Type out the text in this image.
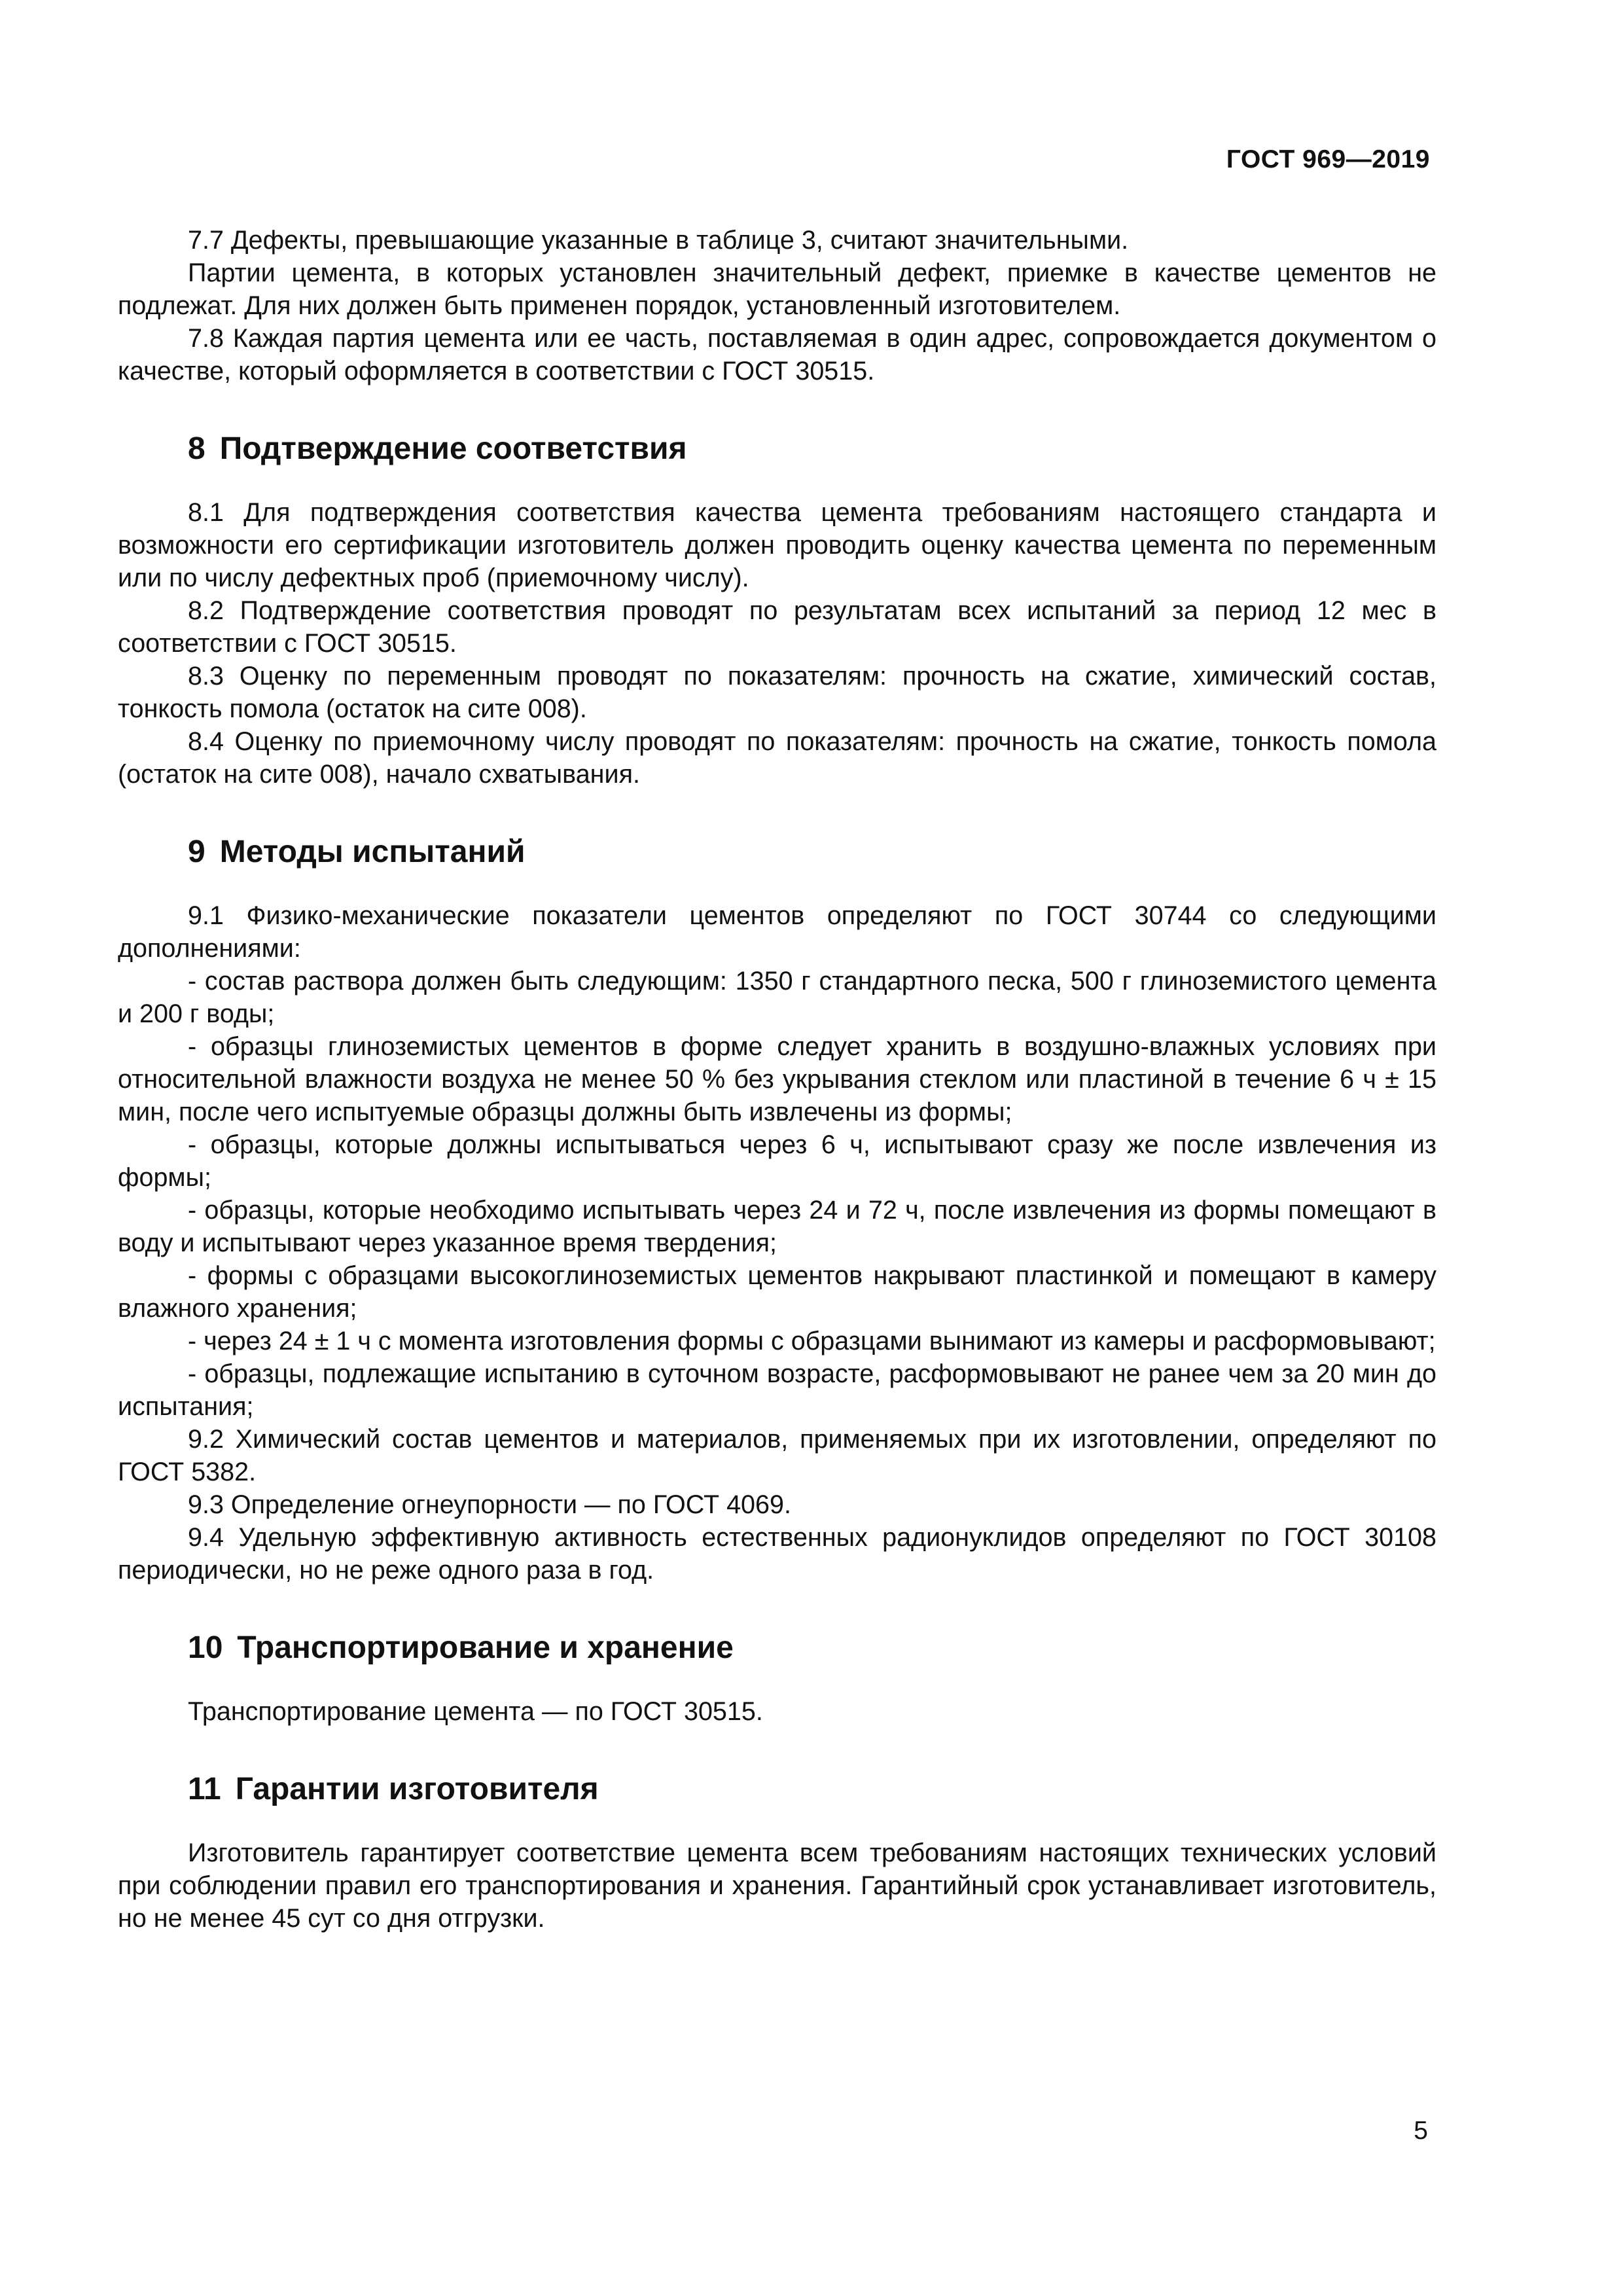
ГОСТ 969—2019

7.7 Дефекты, превышающие указанные в таблице 3, считают значительными.

Партии цемента, в которых установлен значительный дефект, приемке в качестве цементов не подлежат. Для них должен быть применен порядок, установленный изготовителем.

7.8 Каждая партия цемента или ее часть, поставляемая в один адрес, сопровождается документом о качестве, который оформляется в соответствии с ГОСТ 30515.

8 Подтверждение соответствия

8.1 Для подтверждения соответствия качества цемента требованиям настоящего стандарта и возможности его сертификации изготовитель должен проводить оценку качества цемента по переменным или по числу дефектных проб (приемочному числу).

8.2 Подтверждение соответствия проводят по результатам всех испытаний за период 12 мес в соответствии с ГОСТ 30515.

8.3 Оценку по переменным проводят по показателям: прочность на сжатие, химический состав, тонкость помола (остаток на сите 008).

8.4 Оценку по приемочному числу проводят по показателям: прочность на сжатие, тонкость помола (остаток на сите 008), начало схватывания.

9 Методы испытаний

9.1 Физико-механические показатели цементов определяют по ГОСТ 30744 со следующими дополнениями:

- состав раствора должен быть следующим: 1350 г стандартного песка, 500 г глиноземистого цемента и 200 г воды;

- образцы глиноземистых цементов в форме следует хранить в воздушно-влажных условиях при относительной влажности воздуха не менее 50 % без укрывания стеклом или пластиной в течение 6 ч ± 15 мин, после чего испытуемые образцы должны быть извлечены из формы;

- образцы, которые должны испытываться через 6 ч, испытывают сразу же после извлечения из формы;

- образцы, которые необходимо испытывать через 24 и 72 ч, после извлечения из формы помещают в воду и испытывают через указанное время твердения;

- формы с образцами высокоглиноземистых цементов накрывают пластинкой и помещают в камеру влажного хранения;

- через 24 ± 1 ч с момента изготовления формы с образцами вынимают из камеры и расформовывают;

- образцы, подлежащие испытанию в суточном возрасте, расформовывают не ранее чем за 20 мин до испытания;

9.2 Химический состав цементов и материалов, применяемых при их изготовлении, определяют по ГОСТ 5382.

9.3 Определение огнеупорности — по ГОСТ 4069.

9.4 Удельную эффективную активность естественных радионуклидов определяют по ГОСТ 30108 периодически, но не реже одного раза в год.

10 Транспортирование и хранение

Транспортирование цемента — по ГОСТ 30515.

11 Гарантии изготовителя

Изготовитель гарантирует соответствие цемента всем требованиям настоящих технических условий при соблюдении правил его транспортирования и хранения. Гарантийный срок устанавливает изготовитель, но не менее 45 сут со дня отгрузки.

5
